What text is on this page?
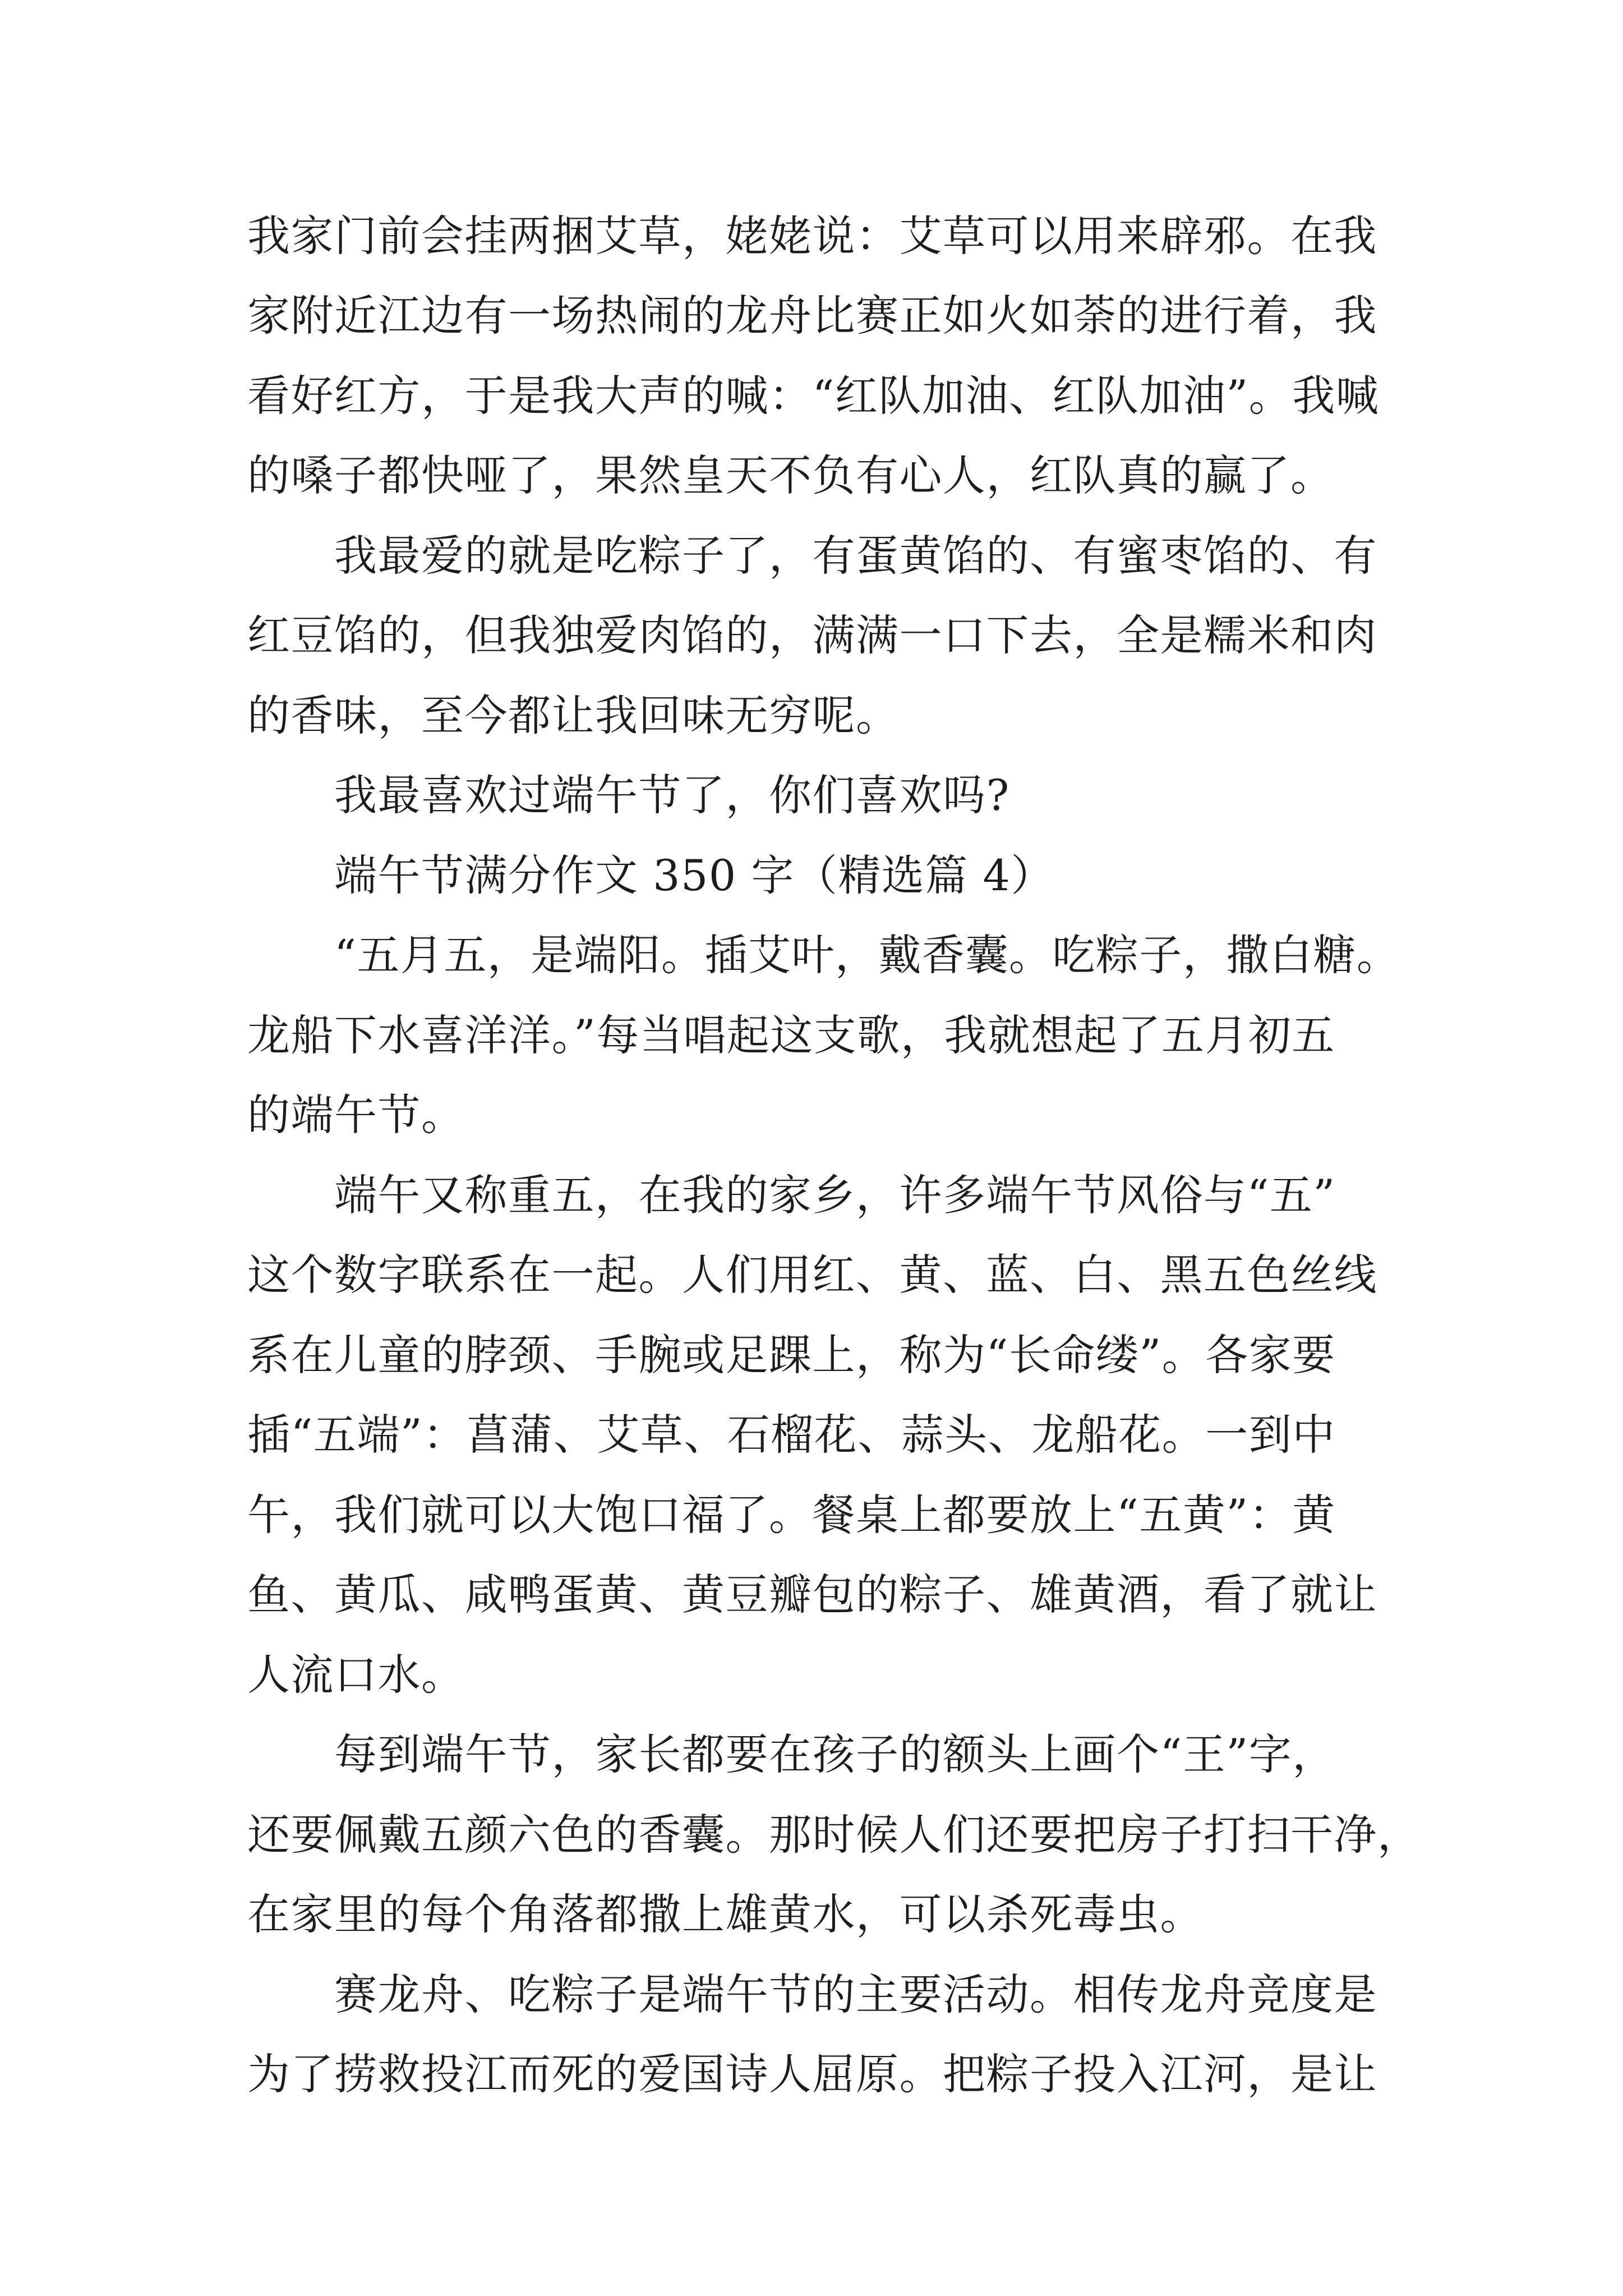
我家门前会挂两捆艾草，姥姥说：艾草可以用来辟邪。在我
家附近江边有一场热闹的龙舟比赛正如火如荼的进行着，我
看好红方，于是我大声的喊：“红队加油、红队加油”。我喊
的嗓子都快哑了，果然皇天不负有心人，红队真的赢了。
我最爱的就是吃粽子了，有蛋黄馅的、有蜜枣馅的、有
红豆馅的，但我独爱肉馅的，满满一口下去，全是糯米和肉
的香味，至今都让我回味无穷呢。
我最喜欢过端午节了，你们喜欢吗?
端午节满分作文 350 字（精选篇 4）
“五月五，是端阳。插艾叶，戴香囊。吃粽子，撒白糖。
龙船下水喜洋洋。”每当唱起这支歌，我就想起了五月初五
的端午节。
端午又称重五，在我的家乡，许多端午节风俗与“五”
这个数字联系在一起。人们用红、黄、蓝、白、黑五色丝线
系在儿童的脖颈、手腕或足踝上，称为“长命缕”。各家要
插“五端”：菖蒲、艾草、石榴花、蒜头、龙船花。一到中
午，我们就可以大饱口福了。餐桌上都要放上“五黄”：黄
鱼、黄瓜、咸鸭蛋黄、黄豆瓣包的粽子、雄黄酒，看了就让
人流口水。
每到端午节，家长都要在孩子的额头上画个“王”字，
还要佩戴五颜六色的香囊。那时候人们还要把房子打扫干净，
在家里的每个角落都撒上雄黄水，可以杀死毒虫。
赛龙舟、吃粽子是端午节的主要活动。相传龙舟竞度是
为了捞救投江而死的爱国诗人屈原。把粽子投入江河，是让
